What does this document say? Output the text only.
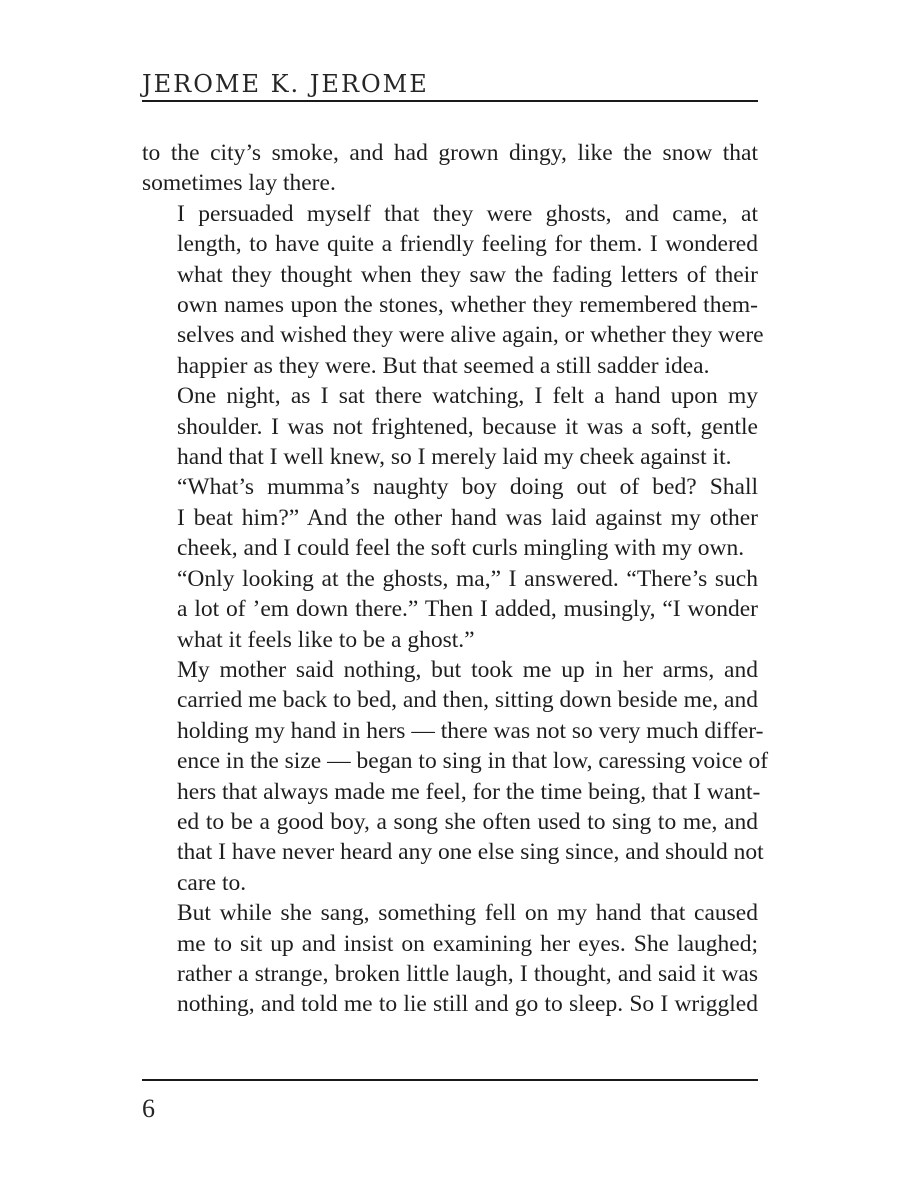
JEROME K. JEROME

to the city’s smoke, and had grown dingy, like the snow that
sometimes lay there.

I persuaded myself that they were ghosts, and came, at
length, to have quite a friendly feeling for them. I wondered
what they thought when they saw the fading letters of their
own names upon the stones, whether they remembered them-
selves and wished they were alive again, or whether they were
happier as they were. But that seemed a still sadder idea.

One night, as I sat there watching, I felt a hand upon my
shoulder. I was not frightened, because it was a soft, gentle
hand that I well knew, so I merely laid my cheek against it.

“What’s mumma’s naughty boy doing out of bed? Shall
I beat him?” And the other hand was laid against my other
cheek, and I could feel the soft curls mingling with my own.

“Only looking at the ghosts, ma,” I answered. “There’s such
a lot of ’em down there.” Then I added, musingly, “I wonder
what it feels like to be a ghost.”

My mother said nothing, but took me up in her arms, and
carried me back to bed, and then, sitting down beside me, and
holding my hand in hers — there was not so very much differ-
ence in the size — began to sing in that low, caressing voice of
hers that always made me feel, for the time being, that I want-
ed to be a good boy, a song she often used to sing to me, and
that I have never heard any one else sing since, and should not
care to.

But while she sang, something fell on my hand that caused
me to sit up and insist on examining her eyes. She laughed;
rather a strange, broken little laugh, I thought, and said it was
nothing, and told me to lie still and go to sleep. So I wriggled

6
